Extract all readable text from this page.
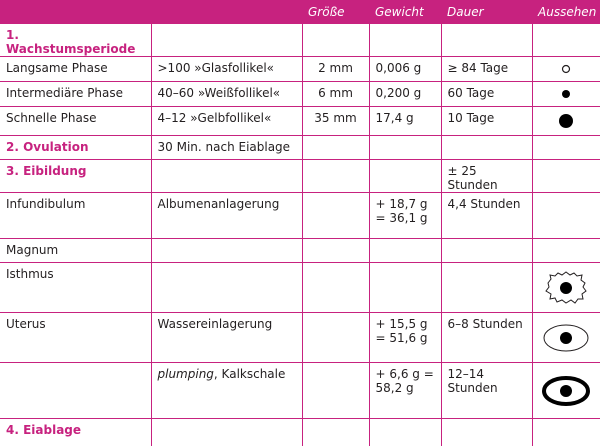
		Größe	Gewicht	Dauer	Aussehen
1. Wachstumsperiode					
Langsame Phase	>100 »Glasfollikel«	2 mm	0,006 g	≥ 84 Tage	

Intermediäre Phase	40–60 »Weißfollikel«	6 mm	0,200 g	60 Tage	

Schnelle Phase	4–12 »Gelbfollikel«	35 mm	17,4 g	10 Tage	

2. Ovulation	30 Min. nach Eiablage				
3. Eibildung				± 25 Stunden	
Infundibulum	Albumenanlagerung		+ 18,7 g = 36,1 g	4,4 Stunden	
Magnum					
Isthmus					

Uterus	Wassereinlagerung		+ 15,5 g = 51,6 g	6–8 Stunden	

	plumping, Kalkschale		+ 6,6 g = 58,2 g	12–14 Stunden	

4. Eiablage					
